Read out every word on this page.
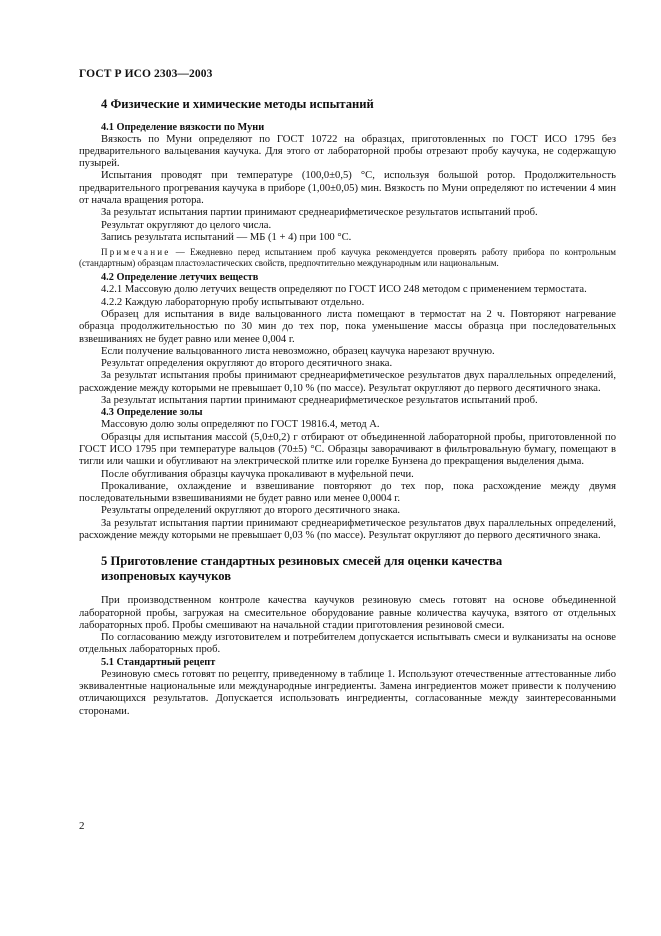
ГОСТ Р ИСО 2303—2003
4 Физические и химические методы испытаний
4.1 Определение вязкости по Муни

Вязкость по Муни определяют по ГОСТ 10722 на образцах, приготовленных по ГОСТ ИСО 1795 без предварительного вальцевания каучука. Для этого от лабораторной пробы отрезают пробу каучука, не содержащую пузырей.

Испытания проводят при температуре (100,0±0,5) °С, используя большой ротор. Продолжительность предварительного прогревания каучука в приборе (1,00±0,05) мин. Вязкость по Муни определяют по истечении 4 мин от начала вращения ротора.

За результат испытания партии принимают среднеарифметическое результатов испытаний проб.

Результат округляют до целого числа.

Запись результата испытаний — МБ (1 + 4) при 100 °С.

Примечание — Ежедневно перед испытанием проб каучука рекомендуется проверять работу прибора по контрольным (стандартным) образцам пластоэластических свойств, предпочтительно международным или национальным.

4.2 Определение летучих веществ

4.2.1 Массовую долю летучих веществ определяют по ГОСТ ИСО 248 методом с применением термостата.

4.2.2 Каждую лабораторную пробу испытывают отдельно.

Образец для испытания в виде вальцованного листа помещают в термостат на 2 ч. Повторяют нагревание образца продолжительностью по 30 мин до тех пор, пока уменьшение массы образца при последовательных взвешиваниях не будет равно или менее 0,004 г.

Если получение вальцованного листа невозможно, образец каучука нарезают вручную.

Результат определения округляют до второго десятичного знака.

За результат испытания пробы принимают среднеарифметическое результатов двух параллельных определений, расхождение между которыми не превышает 0,10 % (по массе). Результат округляют до первого десятичного знака.

За результат испытания партии принимают среднеарифметическое результатов испытаний проб.

4.3 Определение золы

Массовую долю золы определяют по ГОСТ 19816.4, метод А.

Образцы для испытания массой (5,0±0,2) г отбирают от объединенной лабораторной пробы, приготовленной по ГОСТ ИСО 1795 при температуре вальцов (70±5) °С. Образцы заворачивают в фильтровальную бумагу, помещают в тигли или чашки и обугливают на электрической плитке или горелке Бунзена до прекращения выделения дыма.

После обугливания образцы каучука прокаливают в муфельной печи.

Прокаливание, охлаждение и взвешивание повторяют до тех пор, пока расхождение между двумя последовательными взвешиваниями не будет равно или менее 0,0004 г.

Результаты определений округляют до второго десятичного знака.

За результат испытания партии принимают среднеарифметическое результатов двух параллельных определений, расхождение между которыми не превышает 0,03 % (по массе). Результат округляют до первого десятичного знака.

5 Приготовление стандартных резиновых смесей для оценки качества
изопреновых каучуков

При производственном контроле качества каучуков резиновую смесь готовят на основе объединенной лабораторной пробы, загружая на смесительное оборудование равные количества каучука, взятого от отдельных лабораторных проб. Пробы смешивают на начальной стадии приготовления резиновой смеси.

По согласованию между изготовителем и потребителем допускается испытывать смеси и вулканизаты на основе отдельных лабораторных проб.

5.1 Стандартный рецепт

Резиновую смесь готовят по рецепту, приведенному в таблице 1. Используют отечественные аттестованные либо эквивалентные национальные или международные ингредиенты. Замена ингредиентов может привести к получению отличающихся результатов. Допускается использовать ингредиенты, согласованные между заинтересованными сторонами.

2
